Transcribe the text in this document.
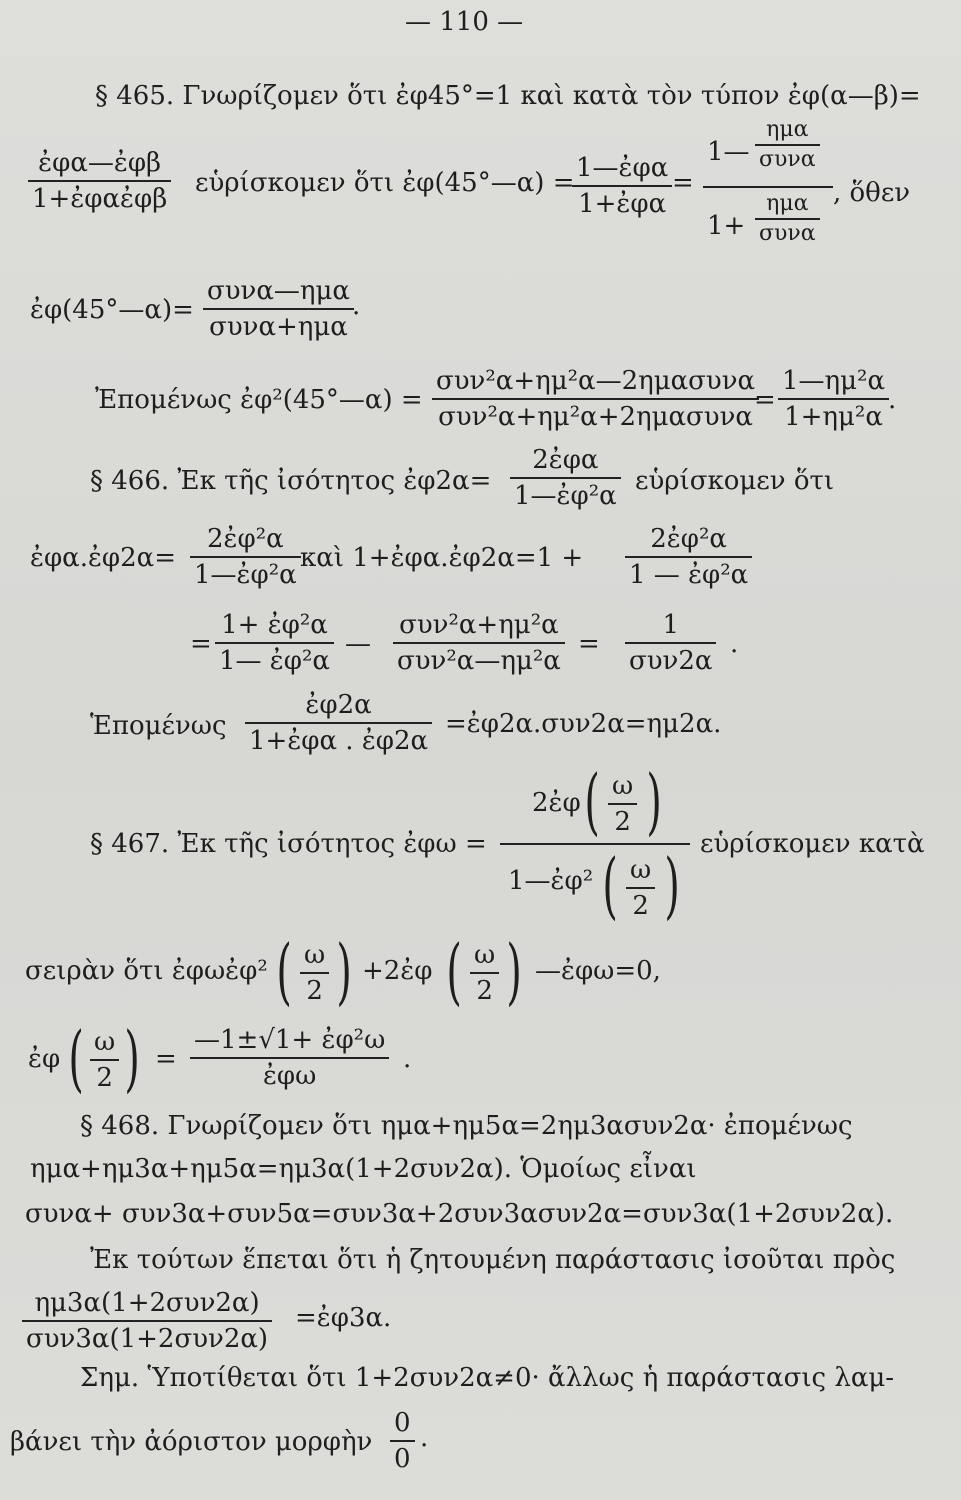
— 110 —
§ 465. Γνωρίζομεν ὅτι ἐφ45°=1 καὶ κατὰ τὸν τύπον ἐφ(α—β)=
ἐφα—ἐφβ
1+ἐφαἐφβ
εὑρίσκομεν ὅτι ἐφ(45°—α) = 1—ἐφα
1+ἐφα
=
1—
ημα
συνα
1+
ημα
συνα
, ὅθεν
ἐφ(45°—α)=
συνα—ημα
συνα+ημα
.
Ἐπομένως ἐφ²(45°—α) =
συν²α+ημ²α—2ημασυνα
συν²α+ημ²α+2ημασυνα
= $\frac{\text{1—ημ²α}}{\text{1+ημ²α}}$ .
§ 466. Ἐκ τῆς ἰσότητος ἐφ2α=
2ἐφα
1—ἐφ²α εὑρίσκομεν ὅτι
ἐφα.ἐφ2α= $\frac{\text{2ἐφ²α}}{\text{1—ἐφ²α}}$ καὶ 1+ἐφα.ἐφ2α=1 + $\frac{\text{2ἐφ²α}}{\text{1 — ἐφ²α}}$
= $\frac{\text{1+ ἐφ²α}}{\text{1— ἐφ²α}}$ —
συν²α+ημ²α
συν²α—ημ²α
=
1
συν2α
.
Ἑπομένως
ἐφ2α
1+ἐφα . ἐφ2α
=ἐφ2α.συν2α=ημ2α.
2ἐφ ( $\frac{\omega}{2}$ )
1—ἐφ² ( $\frac{\omega}{2}$ )
§ 467. Ἐκ τῆς ἰσότητος ἐφω =	εὑρίσκομεν κατὰ
σειρὰν ὅτι ἐφωἐφ² ( $\frac{\omega}{2}$ ) +2ἐφ ( $\frac{\omega}{2}$ ) —ἐφω=0,
ἐφ ( $\frac{\omega}{2}$ ) =
—1±√1+ ἐφ²ω
ἐφω
.
§ 468. Γνωρίζομεν ὅτι ημα+ημ5α=2ημ3ασυν2α· ἐπομένως
ημα+ημ3α+ημ5α=ημ3α(1+2συν2α). Ὁμοίως εἶναι
συνα+ συν3α+συν5α=συν3α+2συν3ασυν2α=συν3α(1+2συν2α).
Ἐκ τούτων ἕπεται ὅτι ἡ ζητουμένη παράστασις ἰσοῦται πρὸς
ημ3α(1+2συν2α)
συν3α(1+2συν2α)
=ἐφ3α.
Σημ. Ὑποτίθεται ὅτι 1+2συν2α≠0· ἄλλως ἡ παράστασις λαμ-
βάνει τὴν ἀόριστον μορφὴν $\frac{0}{0}$ .
